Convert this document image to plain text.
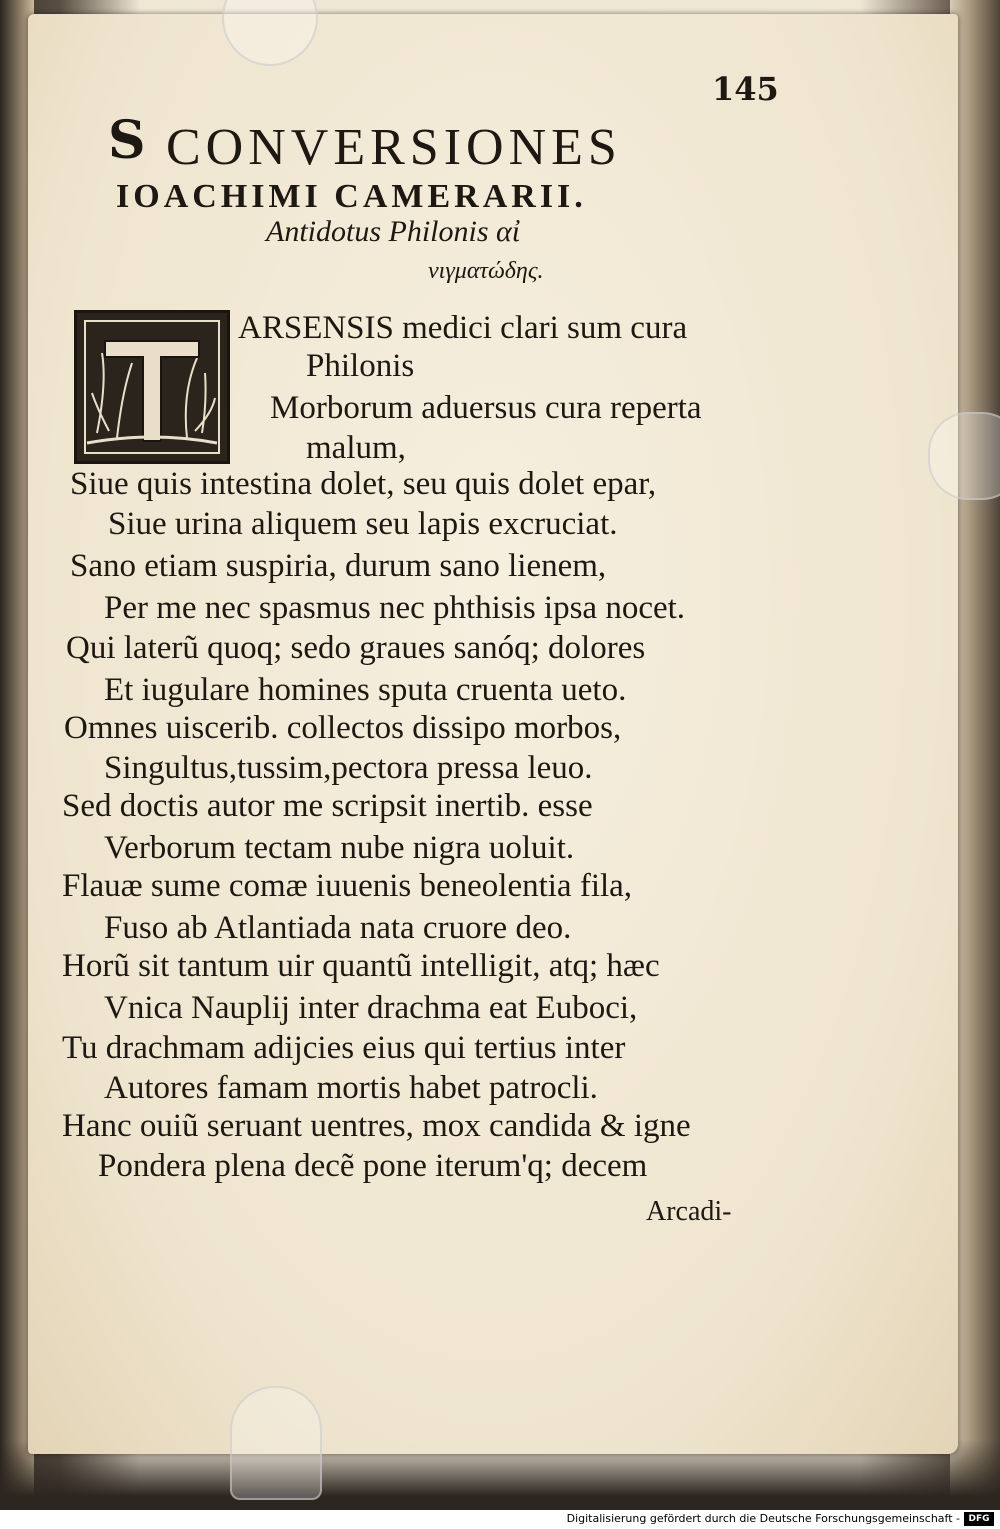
145
S CONVERSIONES
IOACHIMI CAMERARII.
Antidotus Philonis αἰ
νιγματώδης.
ARSENSIS medici clari sum cura
Philonis
Morborum aduersus cura reperta
malum,
Siue quis intestina dolet, seu quis dolet epar,
Siue urina aliquem seu lapis excruciat.
Sano etiam suspiria, durum sano lienem,
Per me nec spasmus nec phthisis ipsa nocet.
Qui laterũ quoq; sedo graues sanóq; dolores
Et iugulare homines sputa cruenta ueto.
Omnes uiscerib. collectos dissipo morbos,
Singultus,tussim,pectora pressa leuo.
Sed doctis autor me scripsit inertib. esse
Verborum tectam nube nigra uoluit.
Flauæ sume comæ iuuenis beneolentia fila,
Fuso ab Atlantiada nata cruore deo.
Horũ sit tantum uir quantũ intelligit, atq; hæc
Vnica Nauplij inter drachma eat Euboci,
Tu drachmam adijcies eius qui tertius inter
Autores famam mortis habet patrocli.
Hanc ouiũ seruant uentres, mox candida & igne
Pondera plena decẽ pone iterum'q; decem
Arcadi-
Digitalisierung gefördert durch die Deutsche Forschungsgemeinschaft - DFG
